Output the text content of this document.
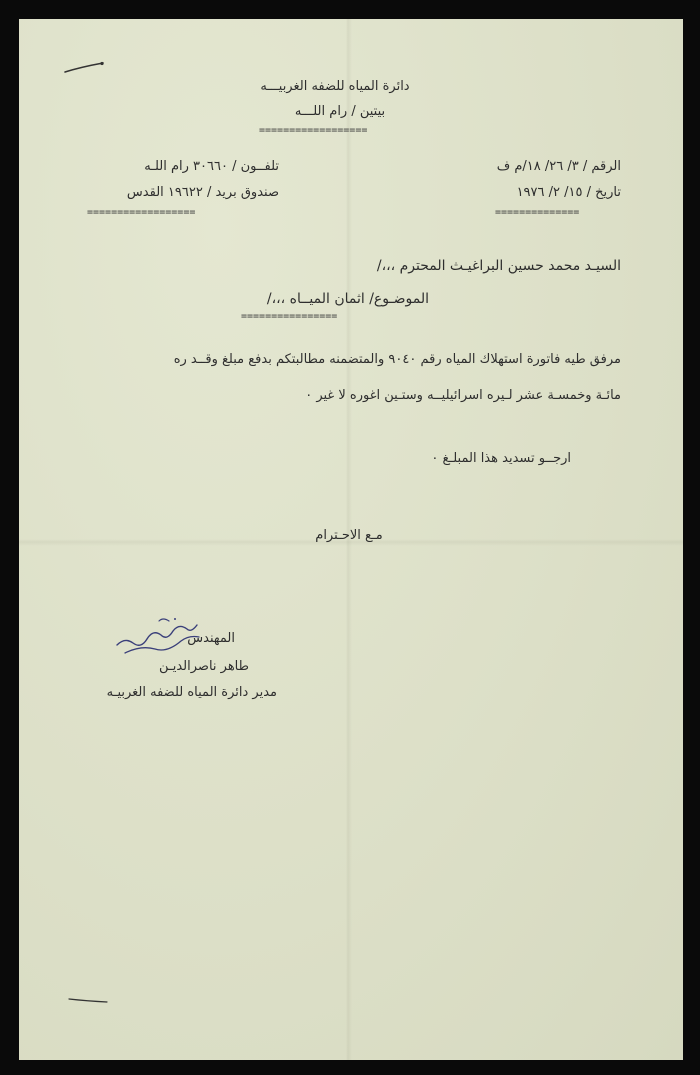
دائرة المياه للضفه الغربيـــه
بيتين / رام اللـــه
==================
الرقم / ٣/ ٢٦/ ١٨/م ف
تاريخ / ١٥/ ٢/ ١٩٧٦
==============
تلفــون / ٣٠٦٦٠ رام اللـه
صندوق بريد / ١٩٦٢٢ القدس
==================
السيـد محمد حسين البراغيـث المحترم ،،،/
الموضـوع/ اثمان الميــاه ،،،/
================
مرفق طيه فاتورة استهلاك المياه رقم ٩٠٤٠ والمتضمنه مطالبتكم بدفع مبلغ وقــد ره
مائـة وخمسـة عشر لـيره اسرائيليــه وستـين اغوره لا غير ٠
ارجــو تسديد هذا المبلـغ ٠
مـع الاحـترام
المهندس
طاهر ناصرالديـن
مدير دائرة المياه للضفه الغربيـه
